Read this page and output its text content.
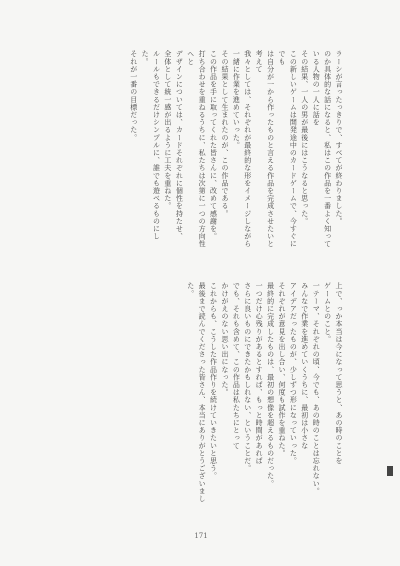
ラーシが言ったっきりで、すべてが終わりました。

のか具体的な話になると、私はこの作品を一番よく知っている人物の一人に話を

その結果、一人の男が最後にはこうなると思った。

この新しいゲームは開発途中のカードゲームで、今すぐにでも

は自分が一から作ったものと言える作品を完成させたいと考えて

我々としては、それぞれが最終的な形をイメージしながら

一緒に作業を進めていった。

その結果として生まれたのが、この作品である。

この作品を手に取ってくれた皆さんに、改めて感謝を。

打ち合わせを重ねるうちに、私たちは次第に一つの方向性へと

デザインについては、カードそれぞれに個性を持たせ、

全体として統一感が出るように工夫を重ねた。

ルールもできるだけシンプルに、誰でも遊べるものにした。

それが一番の目標だった。

上で、っか本当は今になって思うと、あの時のことを

ゲームとのこと。

一テーマ、それぞれの頃、今でも、あの時のことは忘れない。

みんなで作業を進めていくうちに、最初は小さな

アイデアだったものが、少しずつ形になっていった。

それぞれが意見を出し合い、何度も試作を重ねた。

最終的に完成したものは、最初の想像を超えるものだった。

一つだけ心残りがあるとすれば、もっと時間があれば

さらに良いものにできたかもしれない、ということだ。

でも、それも含めて、この作品は私たちにとって

かけがえのない思い出になった。

これからも、こうした作品作りを続けていきたいと思う。

最後まで読んでくださった皆さん、本当にありがとうございました。

171
